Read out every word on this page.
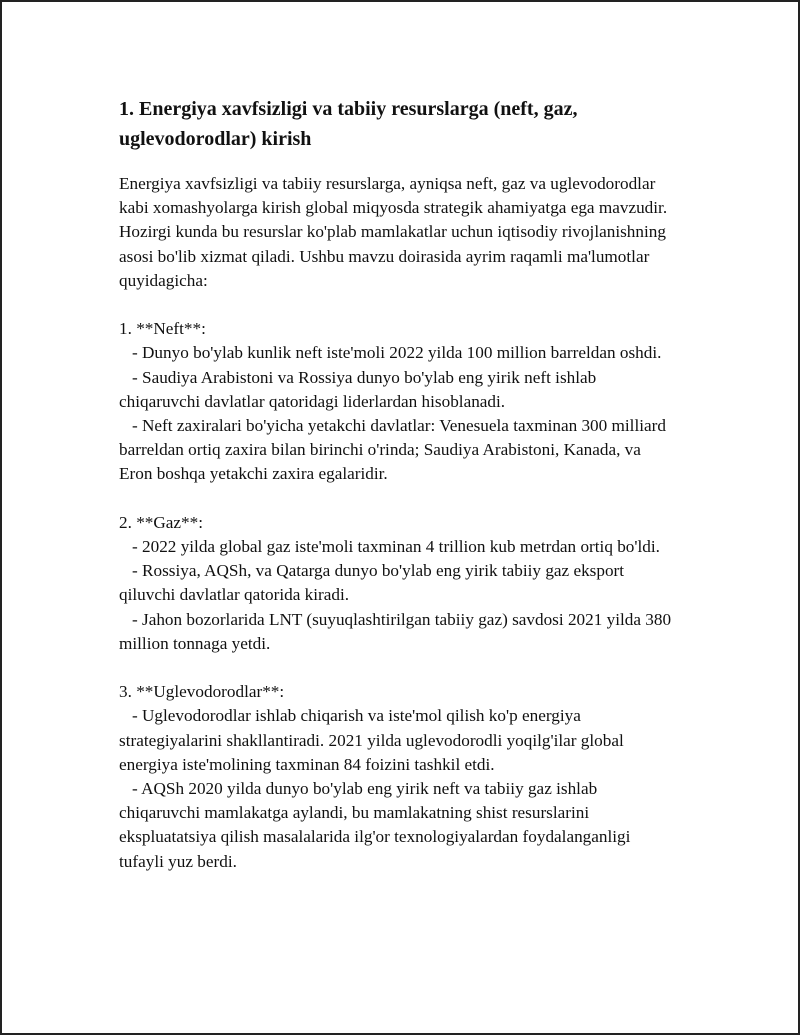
1. Energiya xavfsizligi va tabiiy resurslarga (neft, gaz, uglevodorodlar) kirish

Energiya xavfsizligi va tabiiy resurslarga, ayniqsa neft, gaz va uglevodorodlar kabi xomashyolarga kirish global miqyosda strategik ahamiyatga ega mavzudir. Hozirgi kunda bu resurslar ko'plab mamlakatlar uchun iqtisodiy rivojlanishning asosi bo'lib xizmat qiladi. Ushbu mavzu doirasida ayrim raqamli ma'lumotlar quyidagicha:

1. **Neft**:

- Dunyo bo'ylab kunlik neft iste'moli 2022 yilda 100 million barreldan oshdi.

- Saudiya Arabistoni va Rossiya dunyo bo'ylab eng yirik neft ishlab chiqaruvchi davlatlar qatoridagi liderlardan hisoblanadi.

- Neft zaxiralari bo'yicha yetakchi davlatlar: Venesuela taxminan 300 milliard barreldan ortiq zaxira bilan birinchi o'rinda; Saudiya Arabistoni, Kanada, va Eron boshqa yetakchi zaxira egalaridir.

2. **Gaz**:

- 2022 yilda global gaz iste'moli taxminan 4 trillion kub metrdan ortiq bo'ldi.

- Rossiya, AQSh, va Qatarga dunyo bo'ylab eng yirik tabiiy gaz eksport qiluvchi davlatlar qatorida kiradi.

- Jahon bozorlarida LNT (suyuqlashtirilgan tabiiy gaz) savdosi 2021 yilda 380 million tonnaga yetdi.

3. **Uglevodorodlar**:

- Uglevodorodlar ishlab chiqarish va iste'mol qilish ko'p energiya strategiyalarini shakllantiradi. 2021 yilda uglevodorodli yoqilg'ilar global energiya iste'molining taxminan 84 foizini tashkil etdi.

- AQSh 2020 yilda dunyo bo'ylab eng yirik neft va tabiiy gaz ishlab chiqaruvchi mamlakatga aylandi, bu mamlakatning shist resurslarini ekspluatatsiya qilish masalalarida ilg'or texnologiyalardan foydalanganligi tufayli yuz berdi.
